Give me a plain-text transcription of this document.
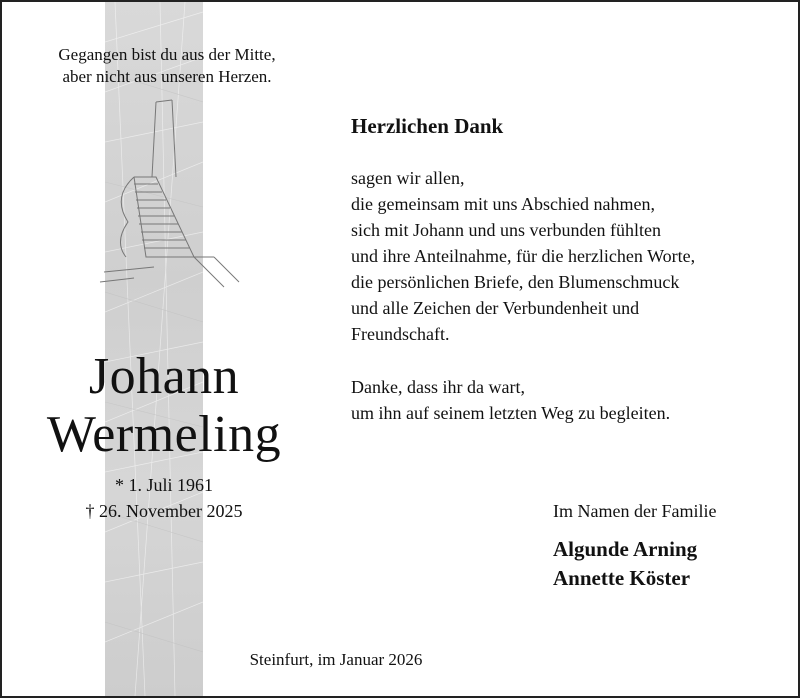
Gegangen bist du aus der Mitte,
aber nicht aus unseren Herzen.
Johann
Wermeling
* 1. Juli 1961
† 26. November 2025
Herzlichen Dank
sagen wir allen,
die gemeinsam mit uns Abschied nahmen,
sich mit Johann und uns verbunden fühlten
und ihre Anteilnahme, für die herzlichen Worte,
die persönlichen Briefe, den Blumenschmuck
und alle Zeichen der Verbundenheit und
Freundschaft.
Danke, dass ihr da wart,
um ihn auf seinem letzten Weg zu begleiten.
Im Namen der Familie
Algunde Arning
Annette Köster
Steinfurt, im Januar 2026
